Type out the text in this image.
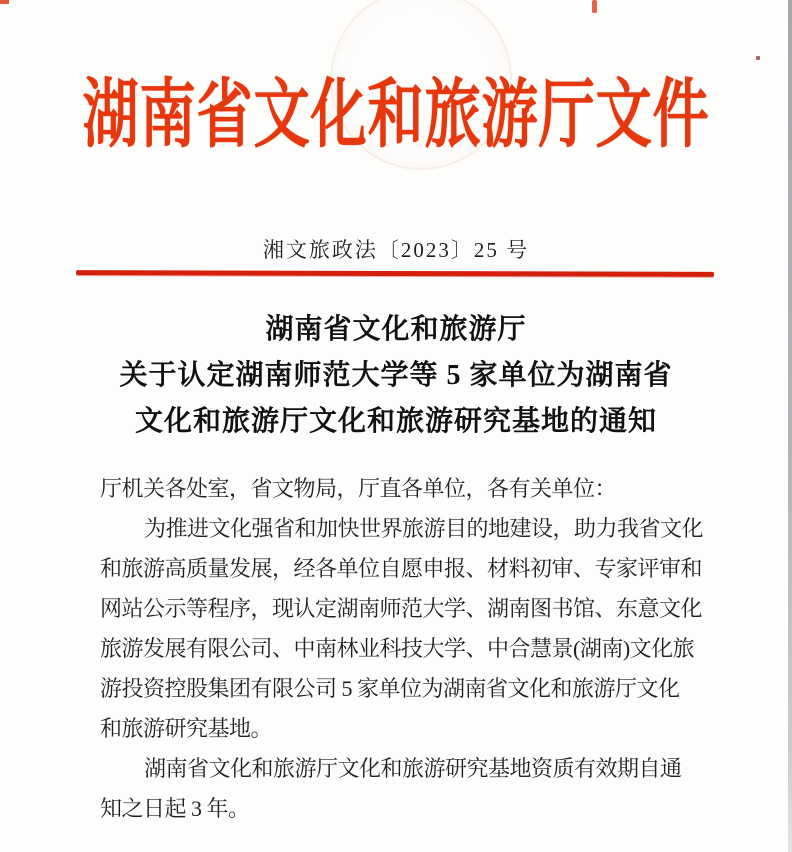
湖南省文化和旅游厅文件
湘文旅政法〔2023〕25 号
湖南省文化和旅游厅
关于认定湖南师范大学等 5 家单位为湖南省
文化和旅游厅文化和旅游研究基地的通知
厅机关各处室，省文物局，厅直各单位，各有关单位：
为推进文化强省和加快世界旅游目的地建设，助力我省文化
和旅游高质量发展，经各单位自愿申报、材料初审、专家评审和
网站公示等程序，现认定湖南师范大学、湖南图书馆、东意文化
旅游发展有限公司、中南林业科技大学、中合慧景(湖南)文化旅
游投资控股集团有限公司 5 家单位为湖南省文化和旅游厅文化
和旅游研究基地。
湖南省文化和旅游厅文化和旅游研究基地资质有效期自通
知之日起 3 年。
